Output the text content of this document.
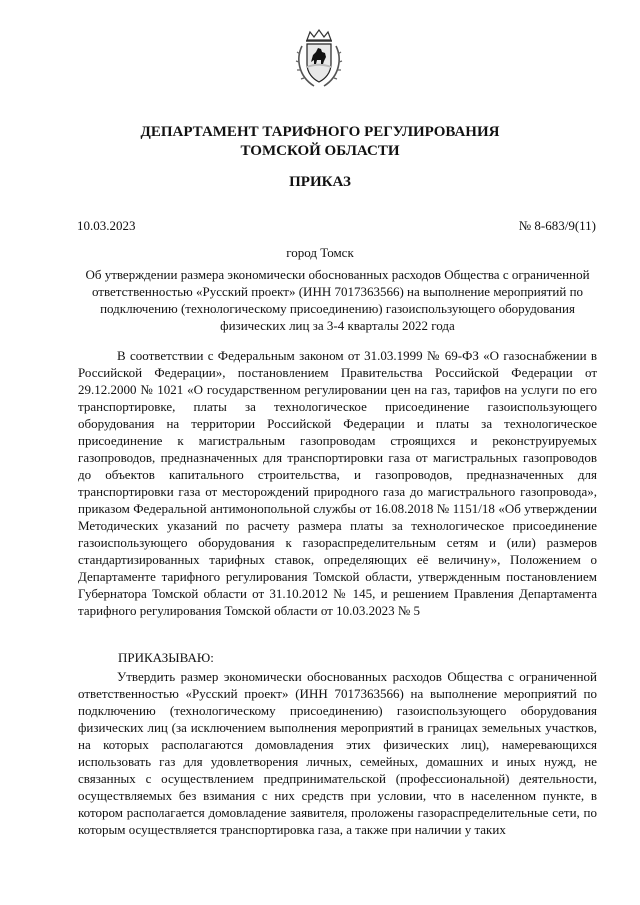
ДЕПАРТАМЕНТ ТАРИФНОГО РЕГУЛИРОВАНИЯ
ТОМСКОЙ ОБЛАСТИ
ПРИКАЗ
10.03.2023	№ 8-683/9(11)
город Томск
Об утверждении размера экономически обоснованных расходов Общества с ограниченной ответственностью «Русский проект» (ИНН 7017363566) на выполнение мероприятий по подключению (технологическому присоединению) газоиспользующего оборудования физических лиц за 3-4 кварталы 2022 года

В соответствии с Федеральным законом от 31.03.1999 № 69-ФЗ «О газоснабжении в Российской Федерации», постановлением Правительства Российской Федерации от 29.12.2000 № 1021 «О государственном регулировании цен на газ, тарифов на услуги по его транспортировке, платы за технологическое присоединение газоиспользующего оборудования на территории Российской Федерации и платы за технологическое присоединение к магистральным газопроводам строящихся и реконструируемых газопроводов, предназначенных для транспортировки газа от магистральных газопроводов до объектов капитального строительства, и газопроводов, предназначенных для транспортировки газа от месторождений природного газа до магистрального газопровода», приказом Федеральной антимонопольной службы от 16.08.2018 № 1151/18 «Об утверждении Методических указаний по расчету размера платы за технологическое присоединение газоиспользующего оборудования к газораспределительным сетям и (или) размеров стандартизированных тарифных ставок, определяющих её величину», Положением о Департаменте тарифного регулирования Томской области, утвержденным постановлением Губернатора Томской области от 31.10.2012 № 145, и решением Правления Департамента тарифного регулирования Томской области от 10.03.2023 № 5

ПРИКАЗЫВАЮ:

Утвердить размер экономически обоснованных расходов Общества с ограниченной ответственностью «Русский проект» (ИНН 7017363566) на выполнение мероприятий по подключению (технологическому присоединению) газоиспользующего оборудования физических лиц (за исключением выполнения мероприятий в границах земельных участков, на которых располагаются домовладения этих физических лиц), намеревающихся использовать газ для удовлетворения личных, семейных, домашних и иных нужд, не связанных с осуществлением предпринимательской (профессиональной) деятельности, осуществляемых без взимания с них средств при условии, что в населенном пункте, в котором располагается домовладение заявителя, проложены газораспределительные сети, по которым осуществляется транспортировка газа, а также при наличии у таких
